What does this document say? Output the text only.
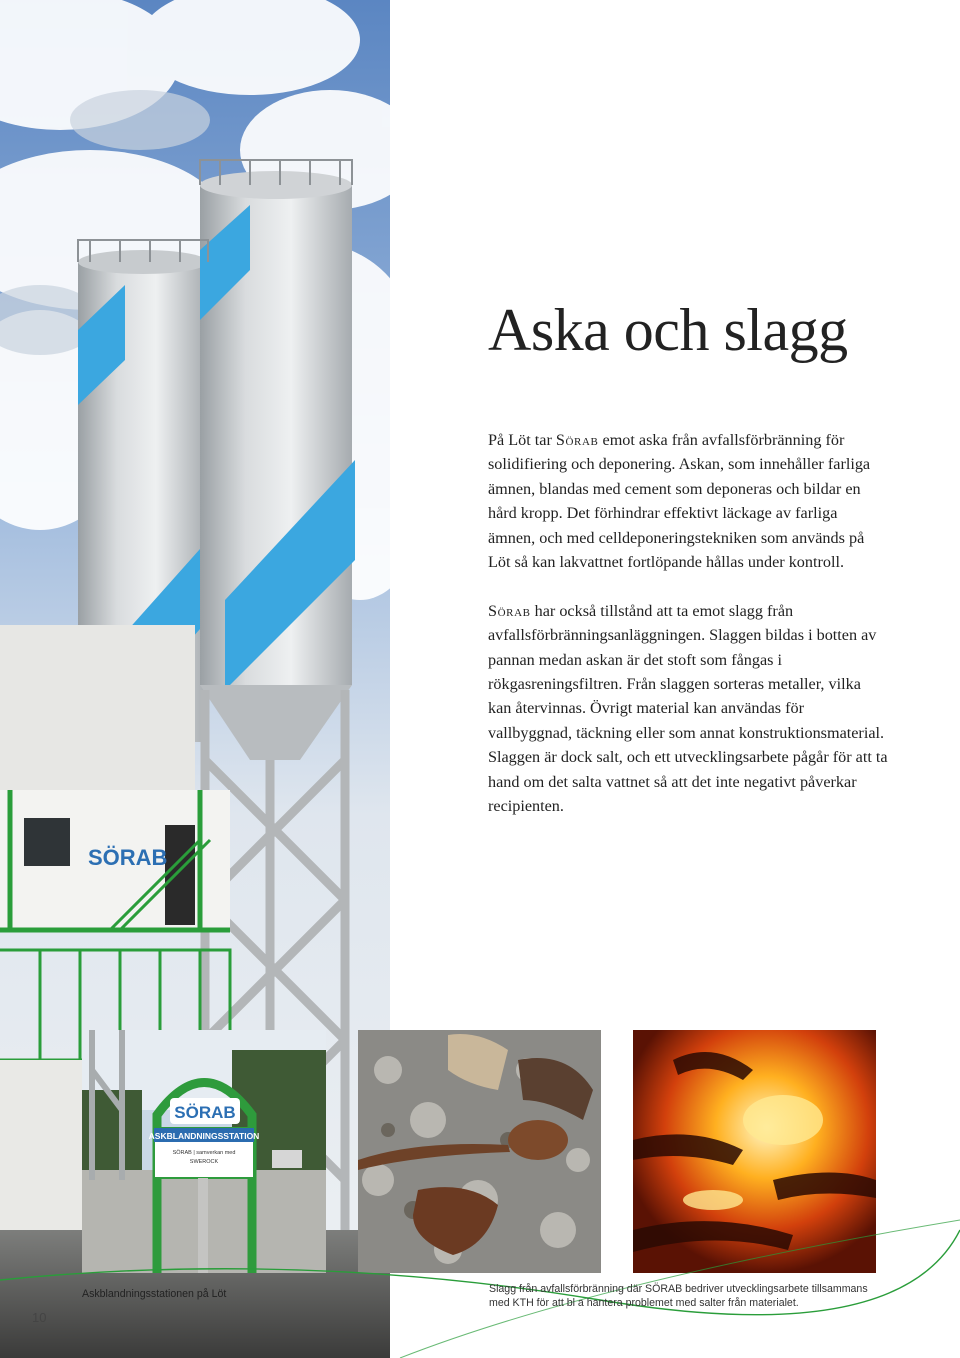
SÖRAB
Aska och slagg

På Löt tar Sörab emot aska från avfallsförbränning för solidifiering och deponering. Askan, som innehåller farliga ämnen, blandas med cement som deponeras och bildar en hård kropp. Det förhindrar effektivt läckage av farliga ämnen, och med celldeponeringstekniken som används på Löt så kan lakvattnet fortlöpande hållas under kontroll.

Sörab har också tillstånd att ta emot slagg från avfallsförbränningsanläggningen. Slaggen bildas i botten av pannan medan askan är det stoft som fångas i rökgasreningsfiltren. Från slaggen sorteras metaller, vilka kan återvinnas. Övrigt material kan användas för vallbyggnad, täckning eller som annat konstruktionsmaterial. Slaggen är dock salt, och ett utvecklingsarbete pågår för att ta hand om det salta vattnet så att det inte negativt påverkar recipienten.

SÖRAB
ASKBLANDNINGSSTATION
SÖRAB | samverkan med
SWEROCK
Askblandningsstationen på Löt	Slagg från avfallsförbränning där SÖRAB bedriver utvecklingsarbete tillsammans med KTH för att bl a hantera problemet med salter från materialet.
10
